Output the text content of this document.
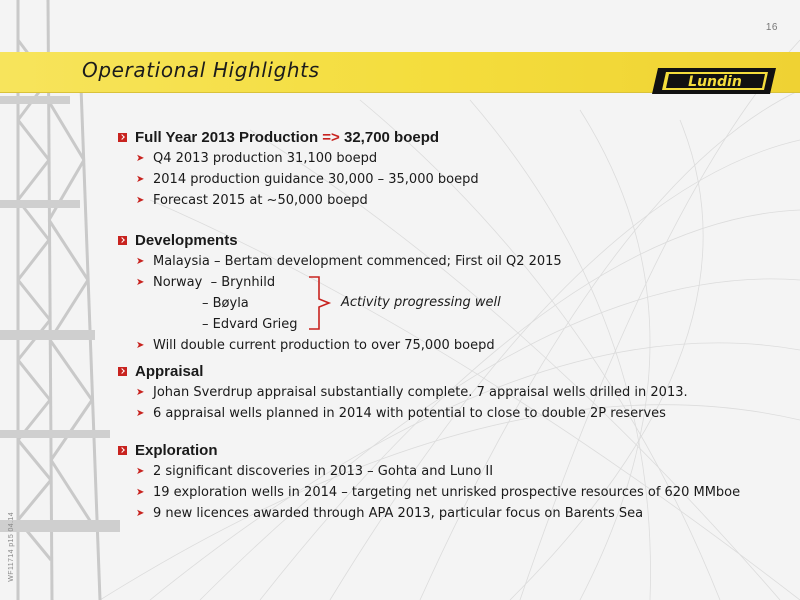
16
Operational Highlights	Lundin
Full Year 2013 Production => 32,700 boepd
➤ Q4 2013 production 31,100 boepd
➤ 2014 production guidance 30,000 – 35,000 boepd
➤ Forecast 2015 at ~50,000 boepd
Developments
➤ Malaysia – Bertam development commenced; First oil Q2 2015
➤ Norway  – Brynhild
– Bøyla
– Edvard Grieg
➤ Will double current production to over 75,000 boepd
Appraisal
➤ Johan Sverdrup appraisal substantially complete. 7 appraisal wells drilled in 2013.
➤ 6 appraisal wells planned in 2014 with potential to close to double 2P reserves
Exploration
➤ 2 significant discoveries in 2013 – Gohta and Luno II
➤ 19 exploration wells in 2014 – targeting net unrisked prospective resources of 620 MMboe
➤ 9 new licences awarded through APA 2013, particular focus on Barents Sea
Activity progressing well
WF11714 p15 04.14
